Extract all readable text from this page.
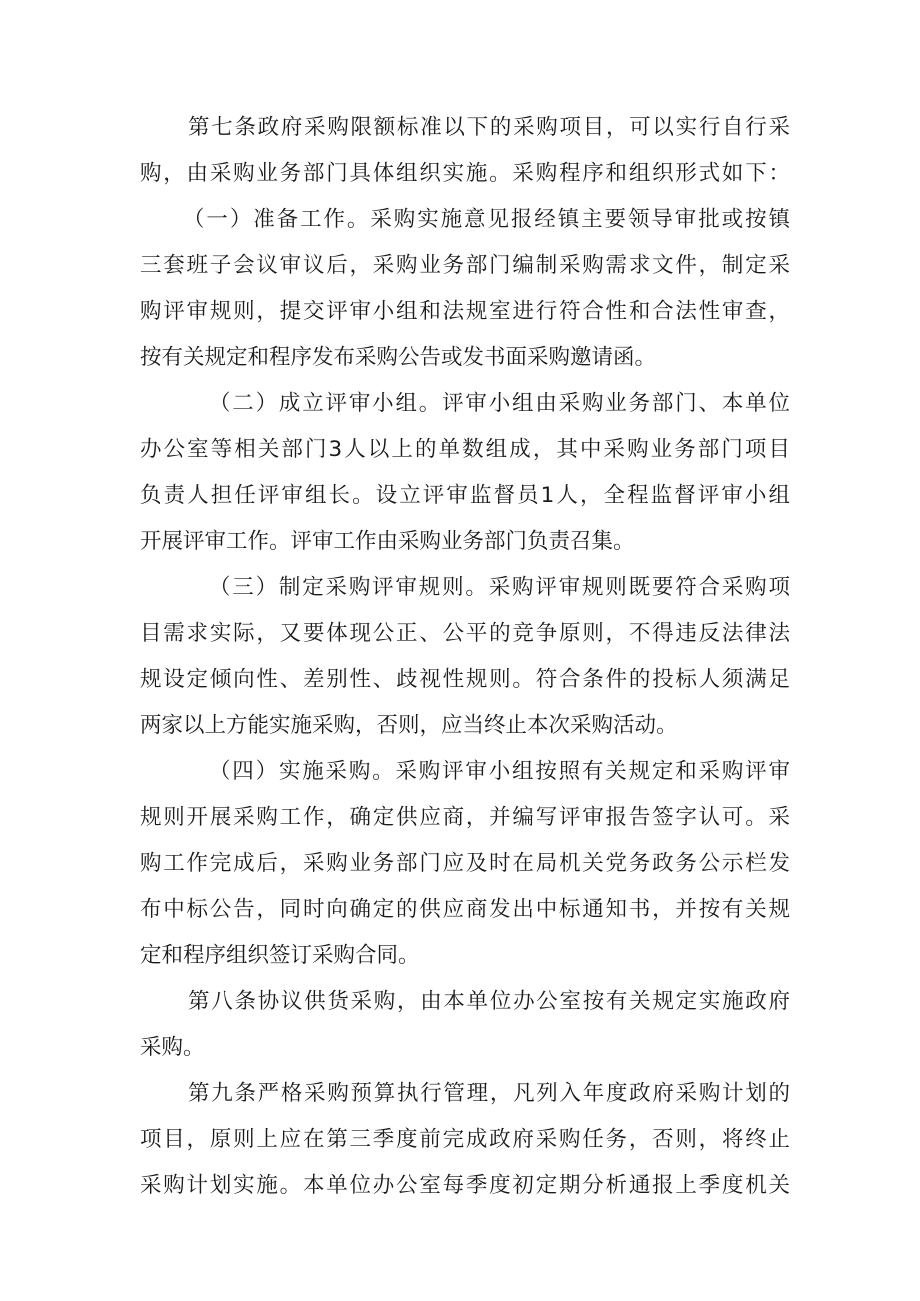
第七条政府采购限额标准以下的采购项目，可以实行自行采
购，由采购业务部门具体组织实施。采购程序和组织形式如下：
（一）准备工作。采购实施意见报经镇主要领导审批或按镇
三套班子会议审议后，采购业务部门编制采购需求文件，制定采
购评审规则，提交评审小组和法规室进行符合性和合法性审查，
按有关规定和程序发布采购公告或发书面采购邀请函。
（二）成立评审小组。评审小组由采购业务部门、本单位
办公室等相关部门3人以上的单数组成，其中采购业务部门项目
负责人担任评审组长。设立评审监督员1人，全程监督评审小组
开展评审工作。评审工作由采购业务部门负责召集。
（三）制定采购评审规则。采购评审规则既要符合采购项
目需求实际，又要体现公正、公平的竞争原则，不得违反法律法
规设定倾向性、差别性、歧视性规则。符合条件的投标人须满足
两家以上方能实施采购，否则，应当终止本次采购活动。
（四）实施采购。采购评审小组按照有关规定和采购评审
规则开展采购工作，确定供应商，并编写评审报告签字认可。采
购工作完成后，采购业务部门应及时在局机关党务政务公示栏发
布中标公告，同时向确定的供应商发出中标通知书，并按有关规
定和程序组织签订采购合同。
第八条协议供货采购，由本单位办公室按有关规定实施政府
采购。
第九条严格采购预算执行管理，凡列入年度政府采购计划的
项目，原则上应在第三季度前完成政府采购任务，否则，将终止
采购计划实施。本单位办公室每季度初定期分析通报上季度机关
